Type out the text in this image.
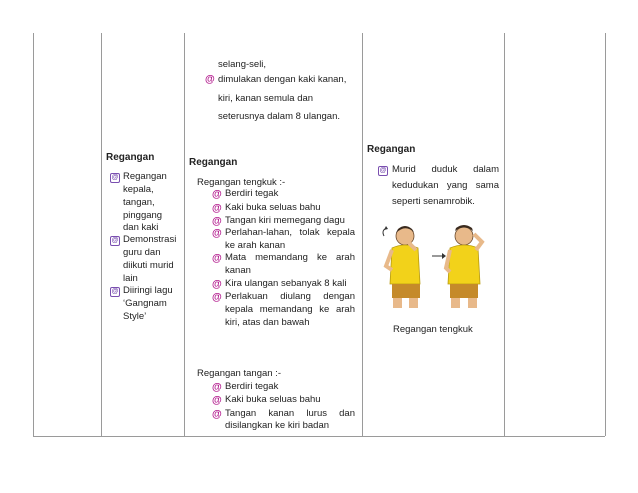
Regangan
@ Regangan
kepala,
tangan,
pinggang
dan kaki
@ Demonstrasi
guru dan
diikuti murid
lain
@ Diiringi lagu
‘Gangnam
Style’
selang-seli,
@ dimulakan dengan kaki kanan,
kiri, kanan semula dan
seterusnya dalam 8 ulangan.
Regangan
Regangan tengkuk :-
@ Berdiri tegak
@ Kaki buka seluas bahu
@ Tangan kiri memegang dagu
@ Perlahan-lahan, tolak kepala
ke arah kanan
@ Mata memandang ke arah
kanan
@ Kira ulangan sebanyak 8 kali
@ Perlakuan diulang dengan
kepala memandang ke arah
kiri, atas dan bawah
Regangan tangan :-
@ Berdiri tegak
@ Kaki buka seluas bahu
@ Tangan kanan lurus dan
disilangkan ke kiri badan
Regangan
@ Murid duduk dalam
kedudukan yang sama
seperti senamrobik.
Regangan tengkuk
